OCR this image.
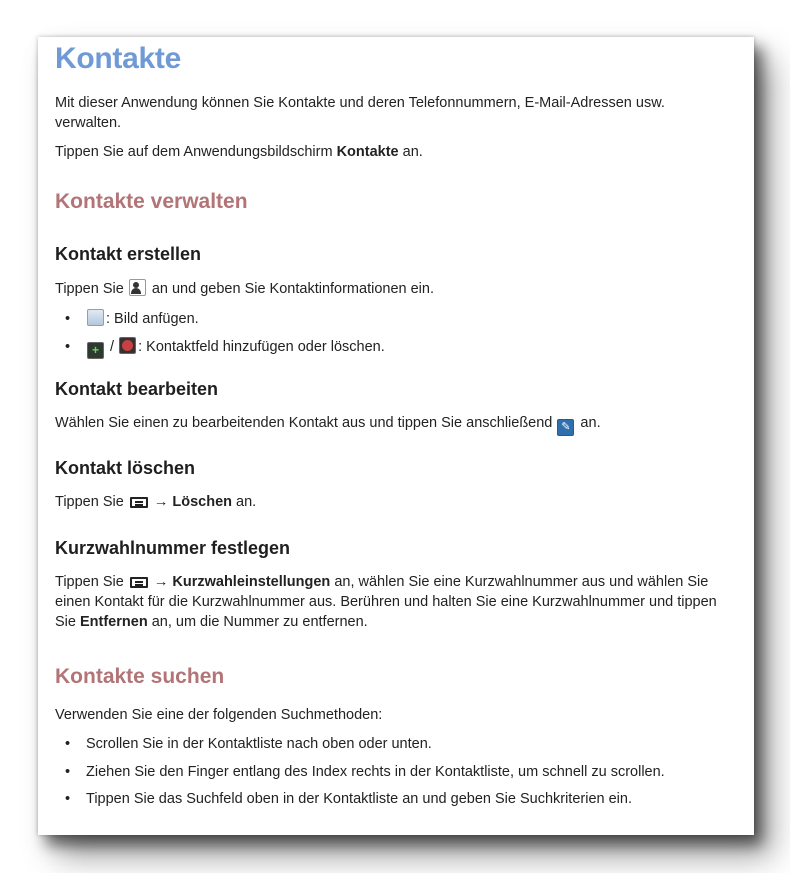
Kontakte
Mit dieser Anwendung können Sie Kontakte und deren Telefonnummern, E-Mail-Adressen usw.
verwalten.
Tippen Sie auf dem Anwendungsbildschirm Kontakte an.
Kontakte verwalten
Kontakt erstellen
Tippen Sie  an und geben Sie Kontaktinformationen ein.
• : Bild anfügen.
• + / : Kontaktfeld hinzufügen oder löschen.
Kontakt bearbeiten
Wählen Sie einen zu bearbeitenden Kontakt aus und tippen Sie anschließend ✎ an.
Kontakt löschen
Tippen Sie  → Löschen an.
Kurzwahlnummer festlegen
Tippen Sie  → Kurzwahleinstellungen an, wählen Sie eine Kurzwahlnummer aus und wählen Sie
einen Kontakt für die Kurzwahlnummer aus. Berühren und halten Sie eine Kurzwahlnummer und tippen
Sie Entfernen an, um die Nummer zu entfernen.
Kontakte suchen
Verwenden Sie eine der folgenden Suchmethoden:
• Scrollen Sie in der Kontaktliste nach oben oder unten.
• Ziehen Sie den Finger entlang des Index rechts in der Kontaktliste, um schnell zu scrollen.
• Tippen Sie das Suchfeld oben in der Kontaktliste an und geben Sie Suchkriterien ein.
